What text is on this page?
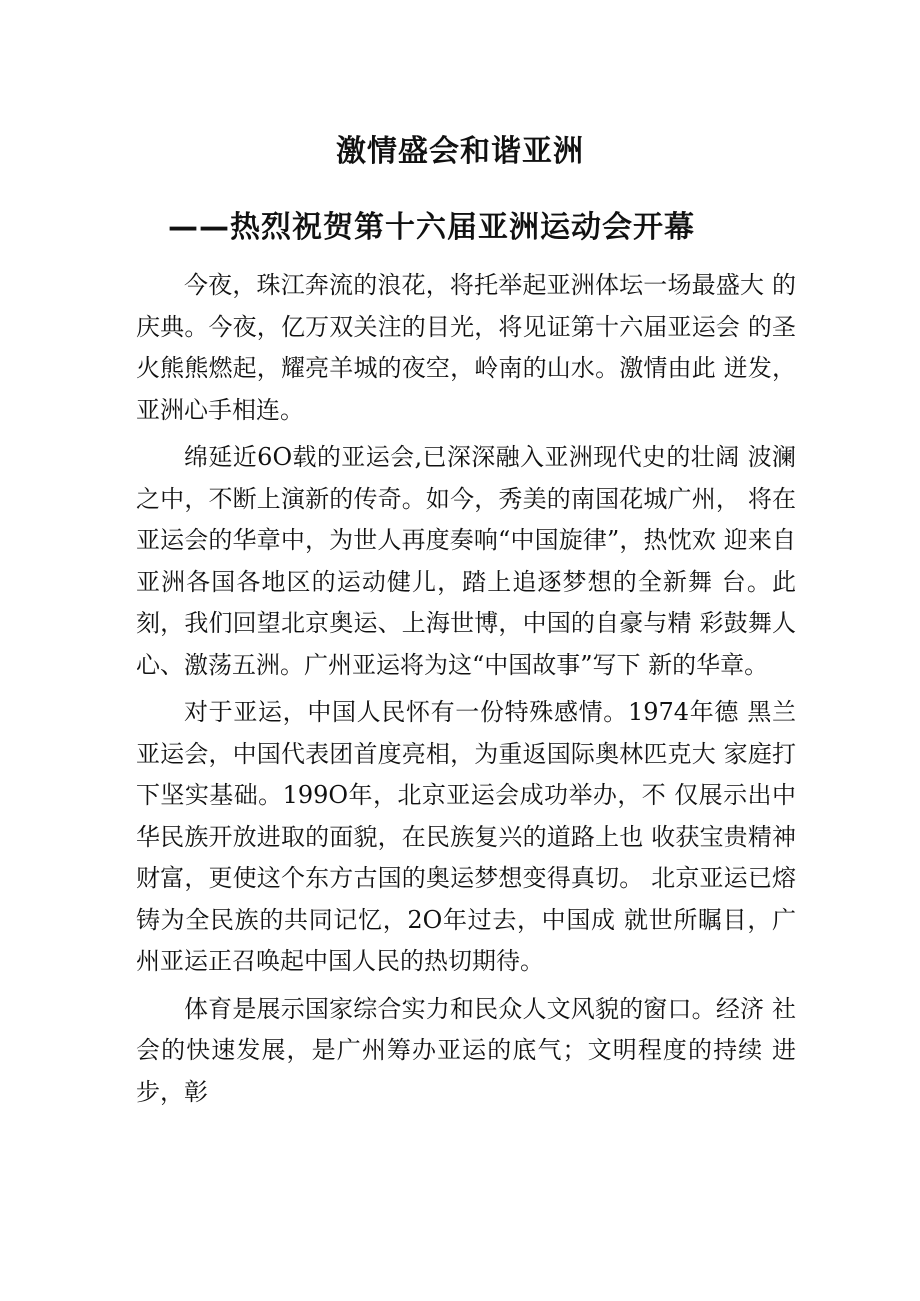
激情盛会和谐亚洲
——热烈祝贺第十六届亚洲运动会开幕

今夜，珠江奔流的浪花，将托举起亚洲体坛一场最盛大 的庆典。今夜，亿万双关注的目光，将见证第十六届亚运会 的圣火熊熊燃起，耀亮羊城的夜空，岭南的山水。激情由此 迸发，亚洲心手相连。

绵延近6O载的亚运会,已深深融入亚洲现代史的壮阔 波澜之中，不断上演新的传奇。如今，秀美的南国花城广州， 将在亚运会的华章中，为世人再度奏响“中国旋律”，热忱欢 迎来自亚洲各国各地区的运动健儿，踏上追逐梦想的全新舞 台。此刻，我们回望北京奥运、上海世博，中国的自豪与精 彩鼓舞人心、激荡五洲。广州亚运将为这“中国故事”写下 新的华章。

对于亚运，中国人民怀有一份特殊感情。1974年德 黑兰亚运会，中国代表团首度亮相，为重返国际奥林匹克大 家庭打下坚实基础。199O年，北京亚运会成功举办，不 仅展示出中华民族开放进取的面貌，在民族复兴的道路上也 收获宝贵精神财富，更使这个东方古国的奥运梦想变得真切。 北京亚运已熔铸为全民族的共同记忆，2O年过去，中国成 就世所瞩目，广州亚运正召唤起中国人民的热切期待。

体育是展示国家综合实力和民众人文风貌的窗口。经济 社会的快速发展，是广州筹办亚运的底气；文明程度的持续 进步，彰
